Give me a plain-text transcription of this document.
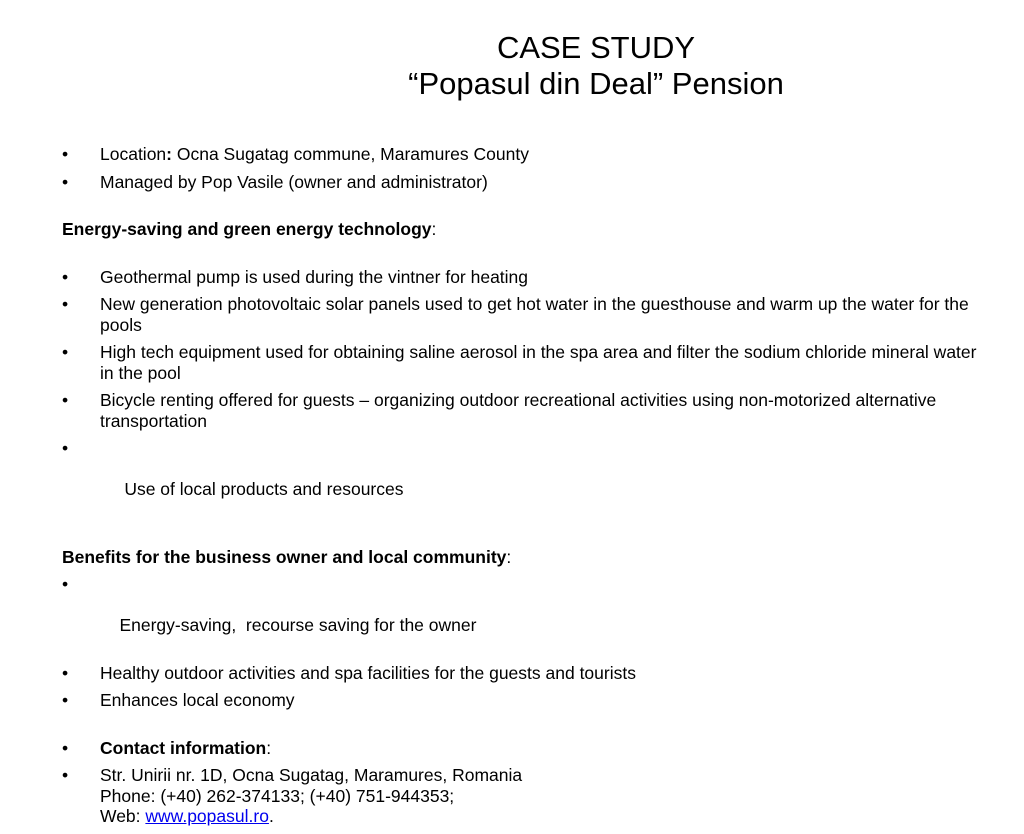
CASE STUDY
“Popasul din Deal” Pension
•	Location: Ocna Sugatag commune, Maramures County
•	Managed by Pop Vasile (owner and administrator)

Energy-saving and green energy technology:

•	Geothermal pump is used during the vintner for heating
•	New generation photovoltaic solar panels used to get hot water in the guesthouse and warm up the water for the pools
•	High tech equipment used for obtaining saline aerosol in the spa area and filter the sodium chloride mineral water in the pool
•	Bicycle renting offered for guests – organizing outdoor recreational activities using non-motorized alternative transportation

•

Use of local products and resources

Benefits for the business owner and local community:

•

Energy-saving,  recourse saving for the owner

•	Healthy outdoor activities and spa facilities for the guests and tourists
•	Enhances local economy
•	Contact information:
•	Str. Unirii nr. 1D, Ocna Sugatag, Maramures, Romania
Phone: (+40) 262-374133; (+40) 751-944353;
Web: www.popasul.ro.
